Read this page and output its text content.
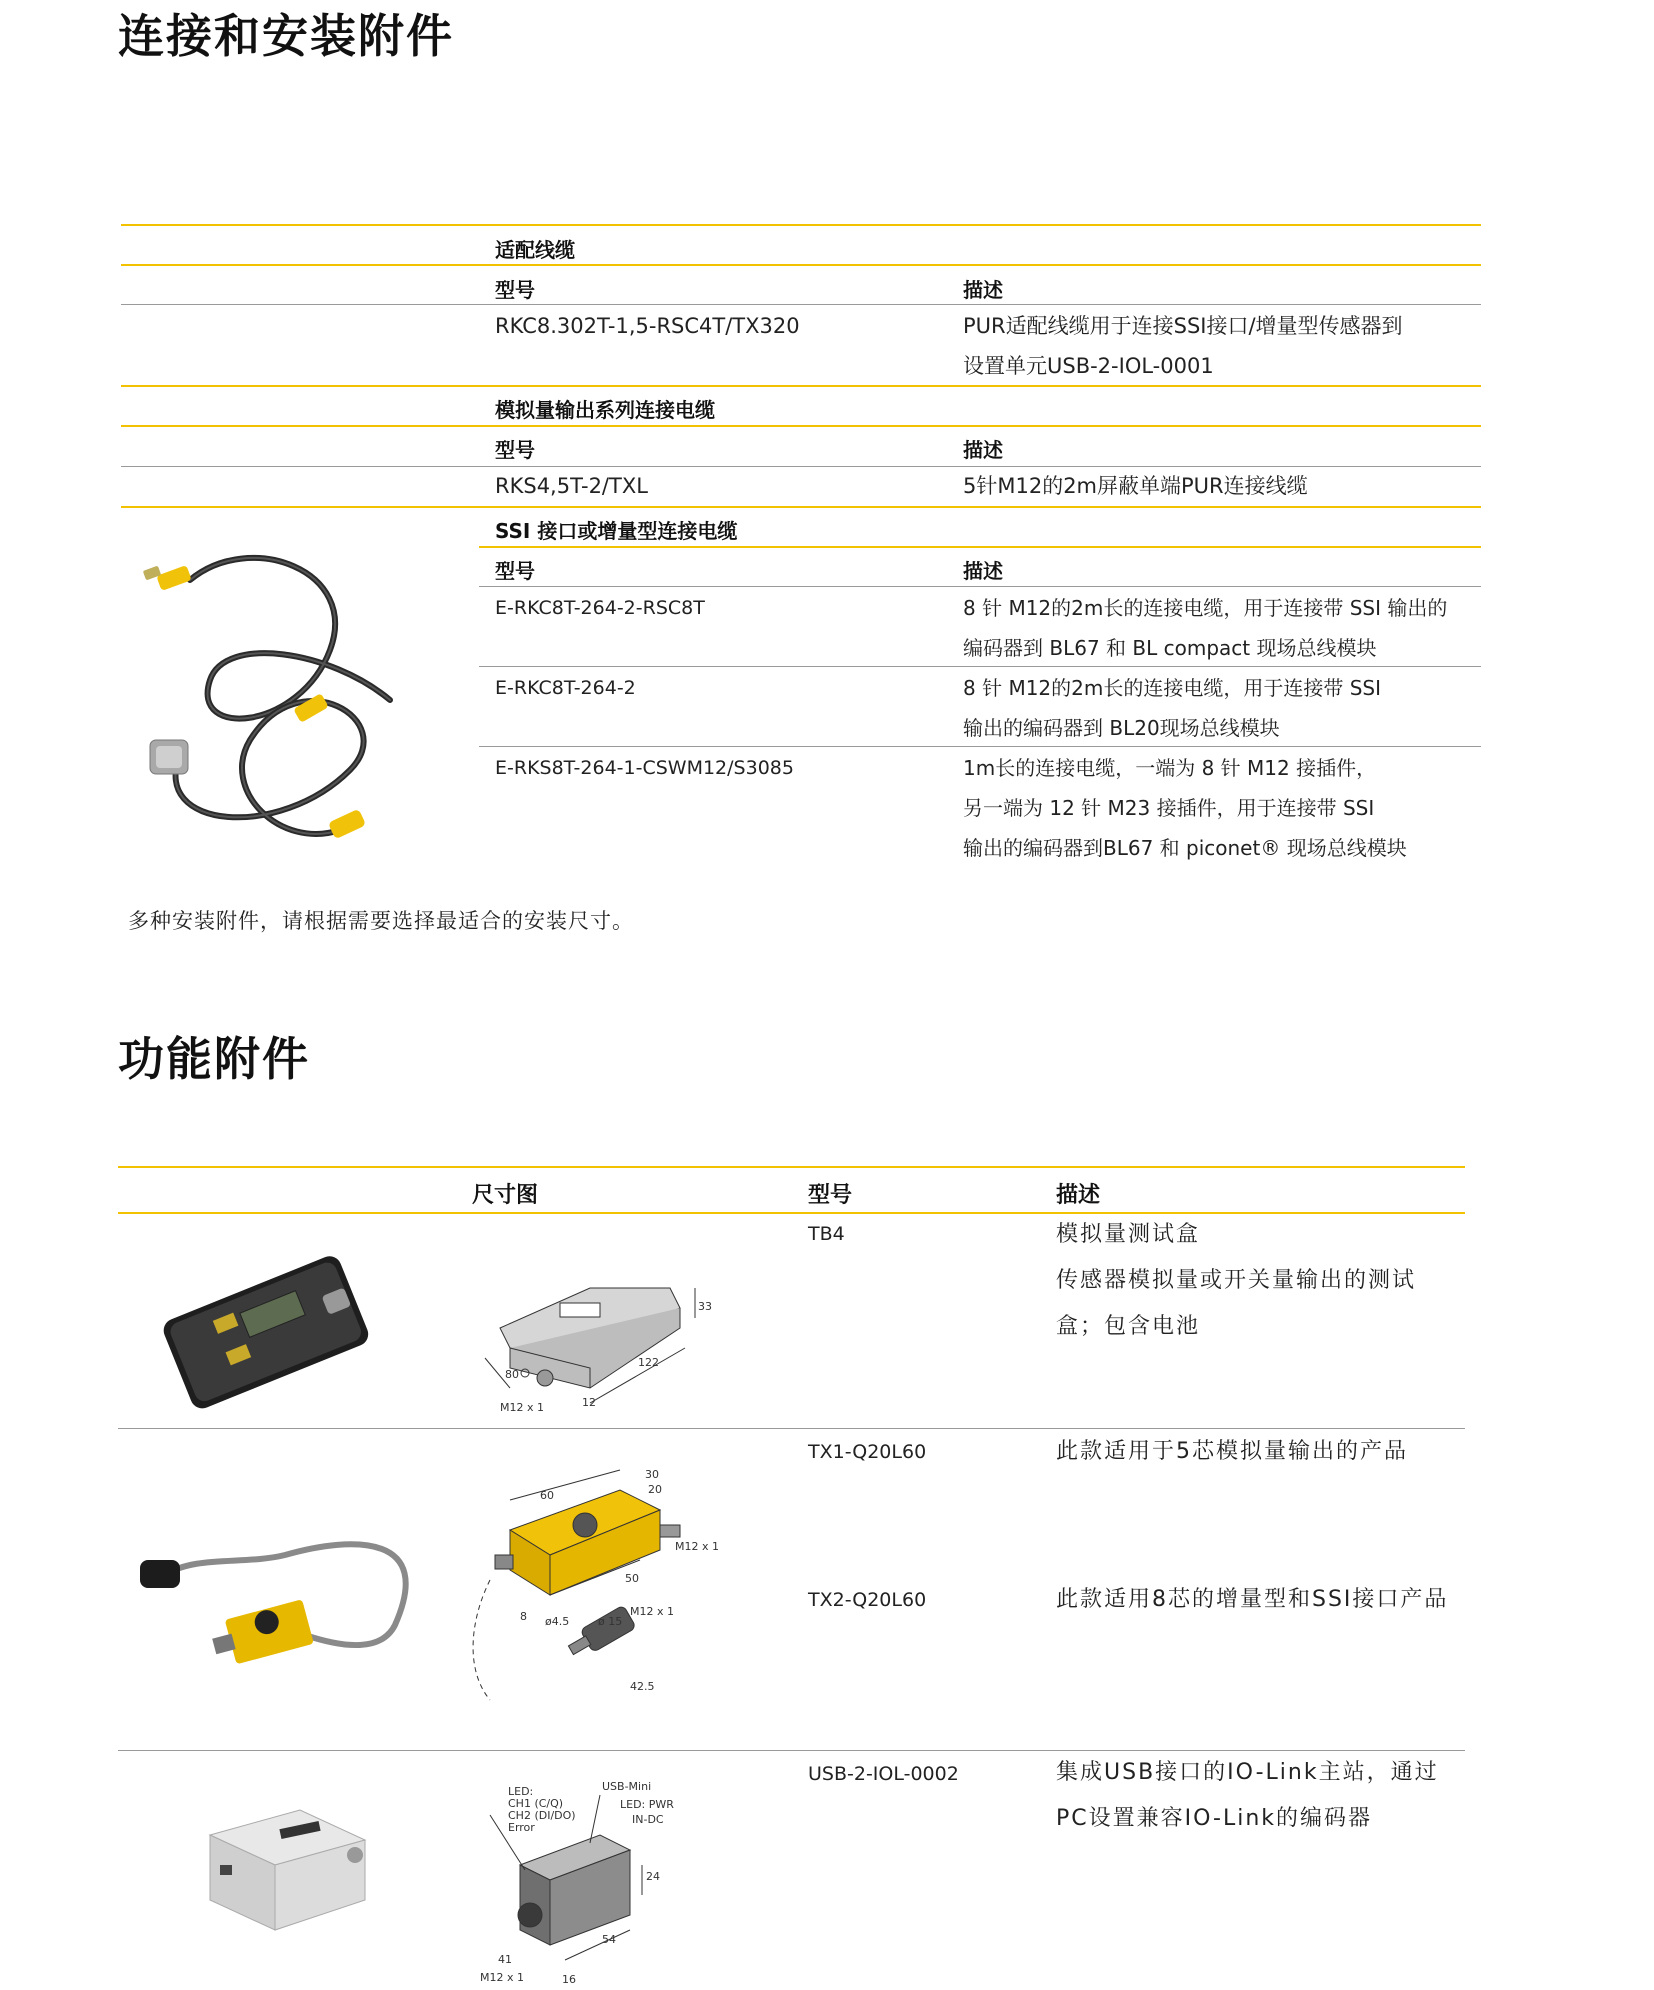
连接和安装附件
适配线缆
型号	描述
RKC8.302T-1,5-RSC4T/TX320	PUR适配线缆用于连接SSI接口/增量型传感器到
设置单元USB-2-IOL-0001
模拟量输出系列连接电缆
型号	描述
RKS4,5T-2/TXL	5针M12的2m屏蔽单端PUR连接线缆
SSI 接口或增量型连接电缆
型号	描述
E-RKC8T-264-2-RSC8T	8 针 M12的2m长的连接电缆，用于连接带 SSI 输出的
编码器到 BL67 和 BL compact 现场总线模块
E-RKC8T-264-2	8 针 M12的2m长的连接电缆，用于连接带 SSI
输出的编码器到 BL20现场总线模块
E-RKS8T-264-1-CSWM12/S3085	1m长的连接电缆，一端为 8 针 M12 接插件，
另一端为 12 针 M23 接插件，用于连接带 SSI
输出的编码器到BL67 和 piconet® 现场总线模块
多种安装附件，请根据需要选择最适合的安装尺寸。
功能附件
尺寸图	型号	描述
TB4	模拟量测试盒
传感器模拟量或开关量输出的测试
盒；包含电池
33
80
122
12
M12 x 1
TX1-Q20L60	此款适用于5芯模拟量输出的产品
TX2-Q20L60	此款适用8芯的增量型和SSI接口产品
30
20
60
M12 x 1
50
8 ø4.5	ø 15
M12 x 1
42.5
USB-2-IOL-0002	集成USB接口的IO-Link主站，通过
PC设置兼容IO-Link的编码器
LED:
CH1 (C/Q)
CH2 (DI/DO)
Error
USB-Mini
LED: PWR
IN-DC
24
54
41
M12 x 1	16
